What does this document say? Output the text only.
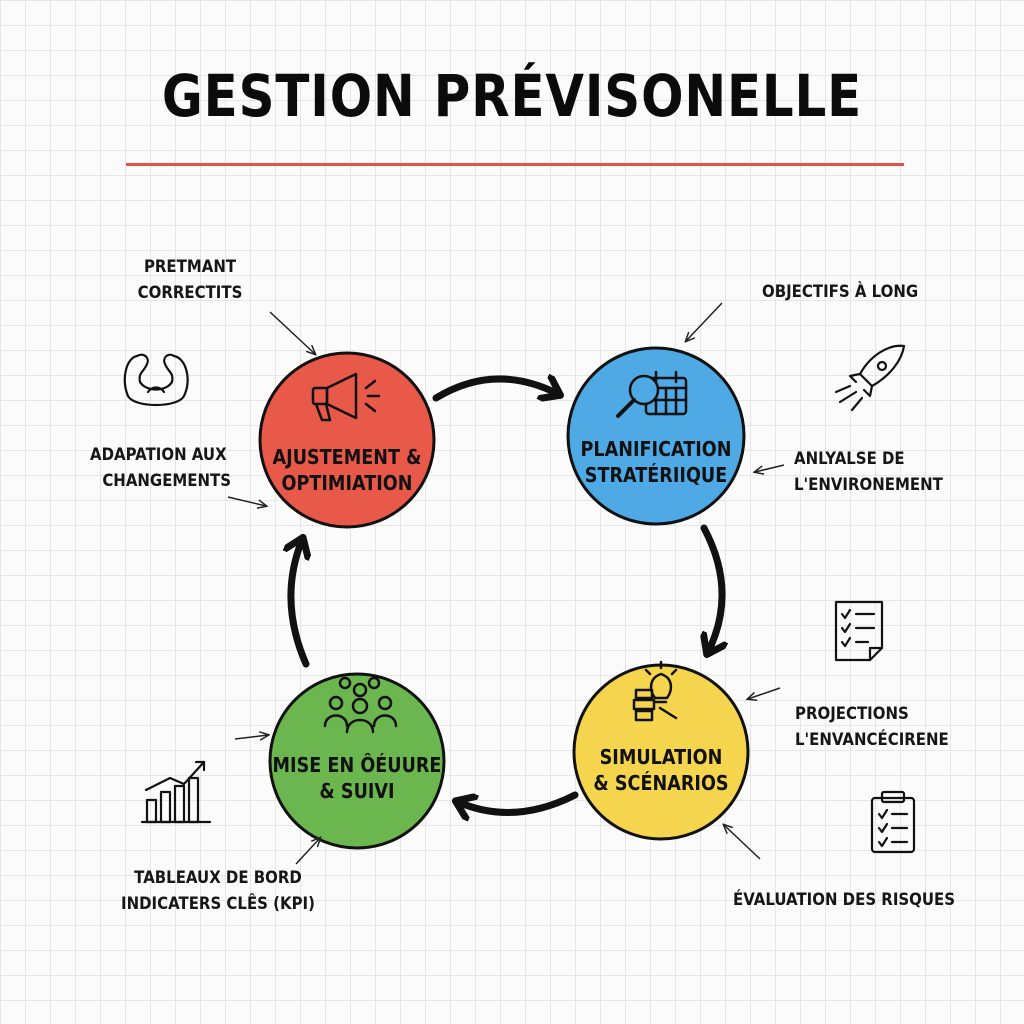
GESTION PRÉVISONELLE
AJUSTEMENT &
OPTIMIATION
PLANIFICATION
STRATÉRIIQUE
SIMULATION
& SCÉNARIOS
MISE EN ÔÉUURE
& SUIVI
PRETMANT
CORRECTITS
ADAPATION AUX
CHANGEMENTS
OBJECTIFS À LONG
ANLYALSE DE
L'ENVIRONEMENT
PROJECTIONS
L'ENVANCÉCIRENE
ÉVALUATION DES RISQUES
TABLEAUX DE BORD
INDICATERS CLÊS (KPI)
